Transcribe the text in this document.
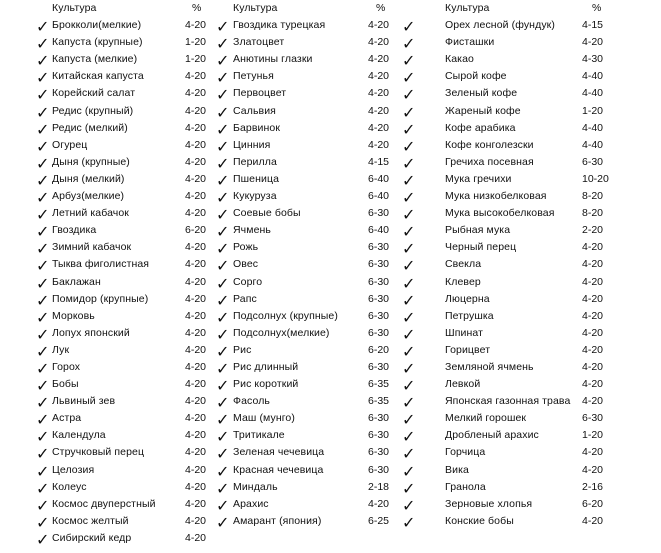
Культура	%
✓ Брокколи(мелкие)	4-20
✓ Капуста (крупные)	1-20
✓ Капуста (мелкие)	1-20
✓ Китайская капуста	4-20
✓ Корейский салат	4-20
✓ Редис (крупный)	4-20
✓ Редис (мелкий)	4-20
✓ Огурец	4-20
✓ Дыня (крупные)	4-20
✓ Дыня (мелкий)	4-20
✓ Арбуз(мелкие)	4-20
✓ Летний кабачок	4-20
✓ Гвоздика	6-20
✓ Зимний кабачок	4-20
✓ Тыква фиголистная	4-20
✓ Баклажан	4-20
✓ Помидор (крупные)	4-20
✓ Морковь	4-20
✓ Лопух японский	4-20
✓ Лук	4-20
✓ Горох	4-20
✓ Бобы	4-20
✓ Львиный зев	4-20
✓ Астра	4-20
✓ Календула	4-20
✓ Стручковый перец	4-20
✓ Целозия	4-20
✓ Колеус	4-20
✓ Космос двуперстный	4-20
✓ Космос желтый	4-20
✓ Сибирский кедр	4-20
Культура	%
✓ Гвоздика турецкая	4-20
✓ Златоцвет	4-20
✓ Анютины глазки	4-20
✓ Петунья	4-20
✓ Первоцвет	4-20
✓ Сальвия	4-20
✓ Барвинок	4-20
✓ Цинния	4-20
✓ Перилла	4-15
✓ Пшеница	6-40
✓ Кукуруза	6-40
✓ Соевые бобы	6-30
✓ Ячмень	6-40
✓ Рожь	6-30
✓ Овес	6-30
✓ Сорго	6-30
✓ Рапс	6-30
✓ Подсолнух (крупные)	6-30
✓ Подсолнух(мелкие)	6-30
✓ Рис	6-20
✓ Рис длинный	6-30
✓ Рис короткий	6-35
✓ Фасоль	6-35
✓ Маш (мунго)	6-30
✓ Тритикале	6-30
✓ Зеленая чечевица	6-30
✓ Красная чечевица	6-30
✓ Миндаль	2-18
✓ Арахис	4-20
✓ Амарант (япония)	6-25
Культура	%
✓	Орех лесной (фундук)	4-15
✓	Фисташки	4-20
✓	Какао	4-30
✓	Сырой кофе	4-40
✓	Зеленый кофе	4-40
✓	Жареный кофе	1-20
✓	Кофе арабика	4-40
✓	Кофе конголезски	4-40
✓	Гречиха посевная	6-30
✓	Мука гречихи	10-20
✓	Мука низкобелковая	8-20
✓	Мука высокобелковая	8-20
✓	Рыбная мука	2-20
✓	Черный перец	4-20
✓	Свекла	4-20
✓	Клевер	4-20
✓	Люцерна	4-20
✓	Петрушка	4-20
✓	Шпинат	4-20
✓	Горицвет	4-20
✓	Земляной ячмень	4-20
✓	Левкой	4-20
✓	Японская газонная трава 4-20
✓	Мелкий горошек	6-30
✓	Дробленый арахис	1-20
✓	Горчица	4-20
✓	Вика	4-20
✓	Гранола	2-16
✓	Зерновые хлопья	6-20
✓	Конские бобы	4-20
